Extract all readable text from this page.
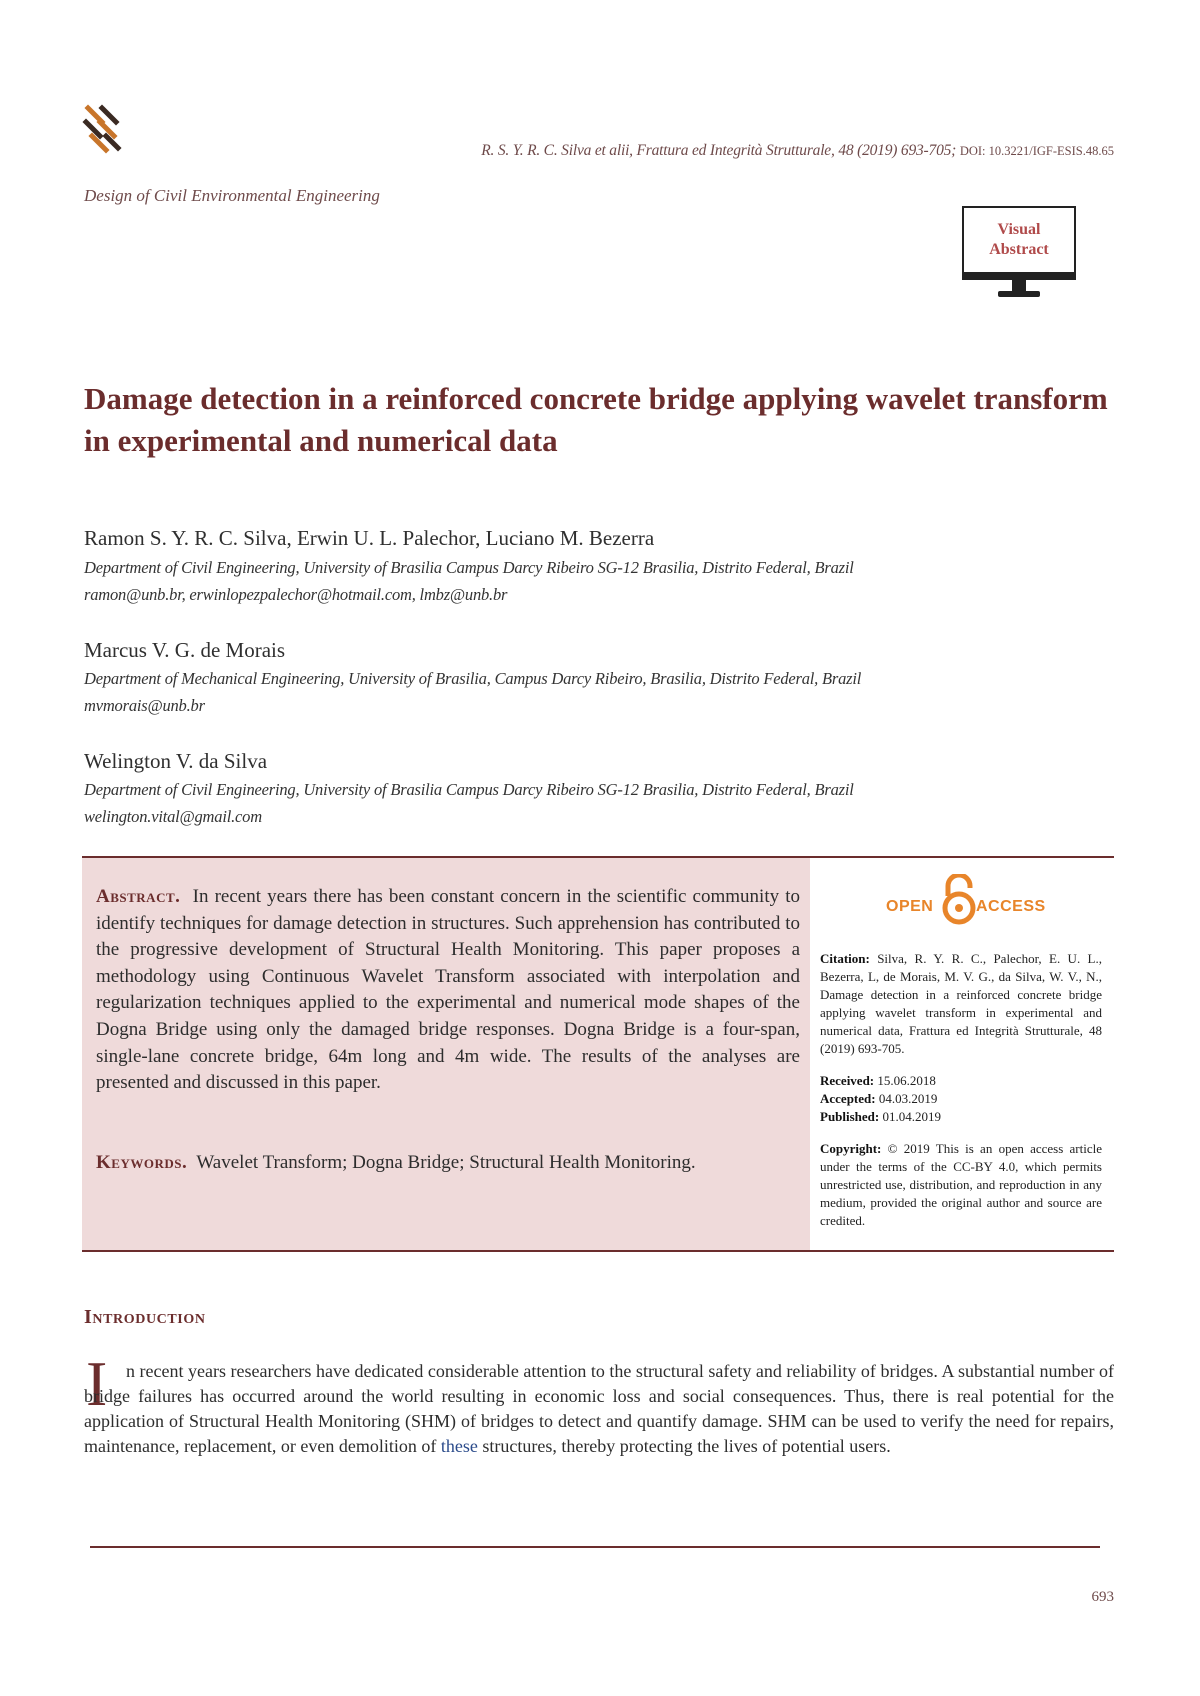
R. S. Y. R. C. Silva et alii, Frattura ed Integrità Strutturale, 48 (2019) 693-705; DOI: 10.3221/IGF-ESIS.48.65
Design of Civil Environmental Engineering
Visual
Abstract
Damage detection in a reinforced concrete bridge applying wavelet transform in experimental and numerical data
Ramon S. Y. R. C. Silva, Erwin U. L. Palechor, Luciano M. Bezerra
Department of Civil Engineering, University of Brasilia Campus Darcy Ribeiro SG-12 Brasilia, Distrito Federal, Brazil
ramon@unb.br, erwinlopezpalechor@hotmail.com, lmbz@unb.br
Marcus V. G. de Morais
Department of Mechanical Engineering, University of Brasilia, Campus Darcy Ribeiro, Brasilia, Distrito Federal, Brazil
mvmorais@unb.br
Welington V. da Silva
Department of Civil Engineering, University of Brasilia Campus Darcy Ribeiro SG-12 Brasilia, Distrito Federal, Brazil
welington.vital@gmail.com
Abstract. In recent years there has been constant concern in the scientific community to identify techniques for damage detection in structures. Such apprehension has contributed to the progressive development of Structural Health Monitoring. This paper proposes a methodology using Continuous Wavelet Transform associated with interpolation and regularization techniques applied to the experimental and numerical mode shapes of the Dogna Bridge using only the damaged bridge responses. Dogna Bridge is a four-span, single-lane concrete bridge, 64m long and 4m wide. The results of the analyses are presented and discussed in this paper.
Keywords. Wavelet Transform; Dogna Bridge; Structural Health Monitoring.
OPEN	ACCESS
Citation: Silva, R. Y. R. C., Palechor, E. U. L., Bezerra, L, de Morais, M. V. G., da Silva, W. V., N., Damage detection in a reinforced concrete bridge applying wavelet transform in experimental and numerical data, Frattura ed Integrità Strutturale, 48 (2019) 693-705.
Received: 15.06.2018
Accepted: 04.03.2019
Published: 01.04.2019
Copyright: © 2019 This is an open access article under the terms of the CC-BY 4.0, which permits unrestricted use, distribution, and reproduction in any medium, provided the original author and source are credited.
Introduction
I	n recent years researchers have dedicated considerable attention to the structural safety and reliability of bridges. A substantial number of bridge failures has occurred around the world resulting in economic loss and social consequences. Thus, there is real potential for the application of Structural Health Monitoring (SHM) of bridges to detect and quantify damage. SHM can be used to verify the need for repairs, maintenance, replacement, or even demolition of these structures, thereby protecting the lives of potential users.
693
